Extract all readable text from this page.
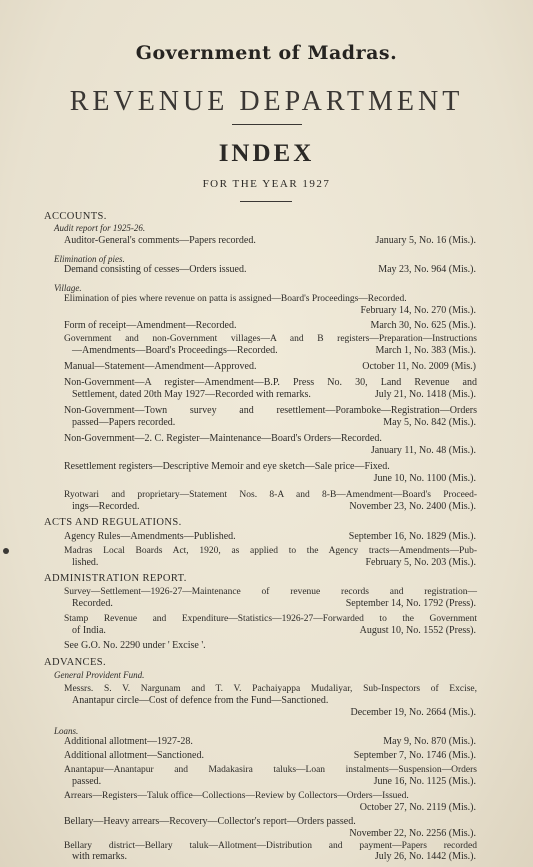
Government of Madras.
REVENUE DEPARTMENT
INDEX
FOR THE YEAR 1927
ACCOUNTS.
Audit report for 1925-26.
Auditor-General's comments—Papers recorded.	January 5, No. 16 (Mis.).
Elimination of pies.
Demand consisting of cesses—Orders issued.	May 23, No. 964 (Mis.).
Village.
Elimination of pies where revenue on patta is assigned—Board's Proceedings—Recorded.
February 14, No. 270 (Mis.).
Form of receipt—Amendment—Recorded.	March 30, No. 625 (Mis.).
Government and non-Government villages—A and B registers—Preparation—Instructions
—Amendments—Board's Proceedings—Recorded.	March 1, No. 383 (Mis.).
Manual—Statement—Amendment—Approved.	October 11, No. 2009 (Mis.)
Non-Government—A register—Amendment—B.P. Press No. 30, Land Revenue and
Settlement, dated 20th May 1927—Recorded with remarks.	July 21, No. 1418 (Mis.).
Non-Government—Town survey and resettlement—Poramboke—Registration—Orders
passed—Papers recorded.	May 5, No. 842 (Mis.).
Non-Government—2. C. Register—Maintenance—Board's Orders—Recorded.
January 11, No. 48 (Mis.).
Resettlement registers—Descriptive Memoir and eye sketch—Sale price—Fixed.
June 10, No. 1100 (Mis.).
Ryotwari and proprietary—Statement Nos. 8-A and 8-B—Amendment—Board's Proceed-
ings—Recorded.	November 23, No. 2400 (Mis.).
ACTS AND REGULATIONS.
Agency Rules—Amendments—Published.	September 16, No. 1829 (Mis.).
Madras Local Boards Act, 1920, as applied to the Agency tracts—Amendments—Pub-
lished.	February 5, No. 203 (Mis.).
ADMINISTRATION REPORT.
Survey—Settlement—1926-27—Maintenance of revenue records and registration—
Recorded.	September 14, No. 1792 (Press).
Stamp Revenue and Expenditure—Statistics—1926-27—Forwarded to the Government
of India.	August 10, No. 1552 (Press).
See G.O. No. 2290 under ' Excise '.
ADVANCES.
General Provident Fund.
Messrs. S. V. Nargunam and T. V. Pachaiyappa Mudaliyar, Sub-Inspectors of Excise,
Anantapur circle—Cost of defence from the Fund—Sanctioned.
December 19, No. 2664 (Mis.).
Loans.
Additional allotment—1927-28.	May 9, No. 870 (Mis.).
Additional allotment—Sanctioned.	September 7, No. 1746 (Mis.).
Anantapur—Anantapur and Madakasira taluks—Loan instalments—Suspension—Orders
passed.	June 16, No. 1125 (Mis.).
Arrears—Registers—Taluk office—Collections—Review by Collectors—Orders—Issued.
October 27, No. 2119 (Mis.).
Bellary—Heavy arrears—Recovery—Collector's report—Orders passed.
November 22, No. 2256 (Mis.).
Bellary district—Bellary taluk—Allotment—Distribution and payment—Papers recorded
with remarks.	July 26, No. 1442 (Mis.).
